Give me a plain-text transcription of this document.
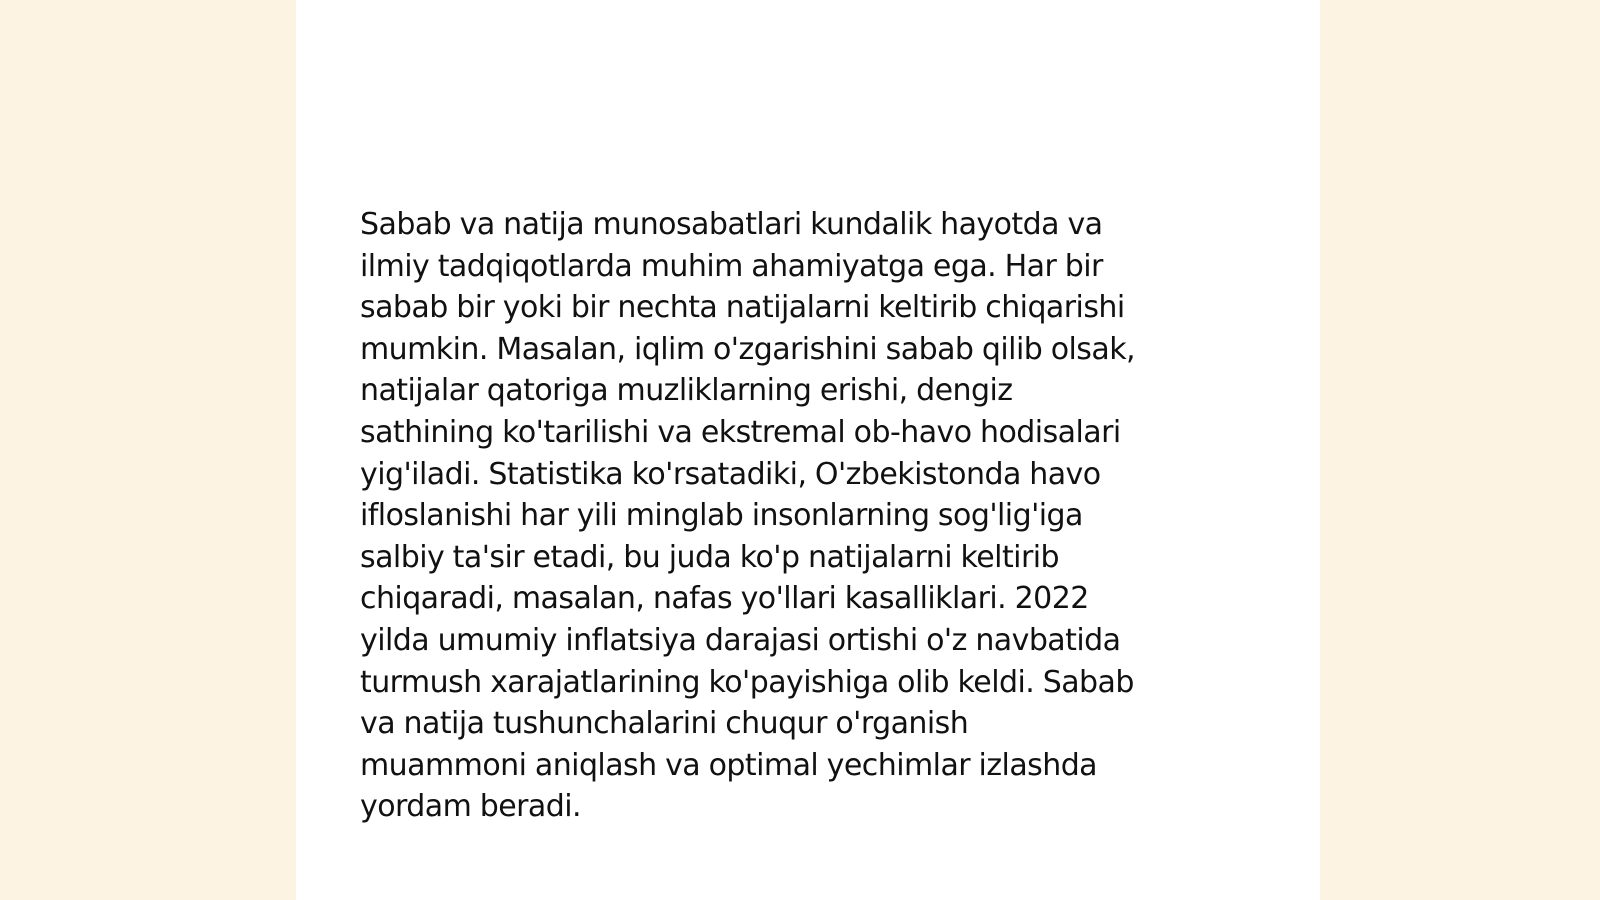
Sabab va natija munosabatlari kundalik hayotda va
ilmiy tadqiqotlarda muhim ahamiyatga ega. Har bir
sabab bir yoki bir nechta natijalarni keltirib chiqarishi
mumkin. Masalan, iqlim o'zgarishini sabab qilib olsak,
natijalar qatoriga muzliklarning erishi, dengiz
sathining ko'tarilishi va ekstremal ob-havo hodisalari
yig'iladi. Statistika ko'rsatadiki, O'zbekistonda havo
ifloslanishi har yili minglab insonlarning sog'lig'iga
salbiy ta'sir etadi, bu juda ko'p natijalarni keltirib
chiqaradi, masalan, nafas yo'llari kasalliklari. 2022
yilda umumiy inflatsiya darajasi ortishi o'z navbatida
turmush xarajatlarining ko'payishiga olib keldi. Sabab
va natija tushunchalarini chuqur o'rganish
muammoni aniqlash va optimal yechimlar izlashda
yordam beradi.
